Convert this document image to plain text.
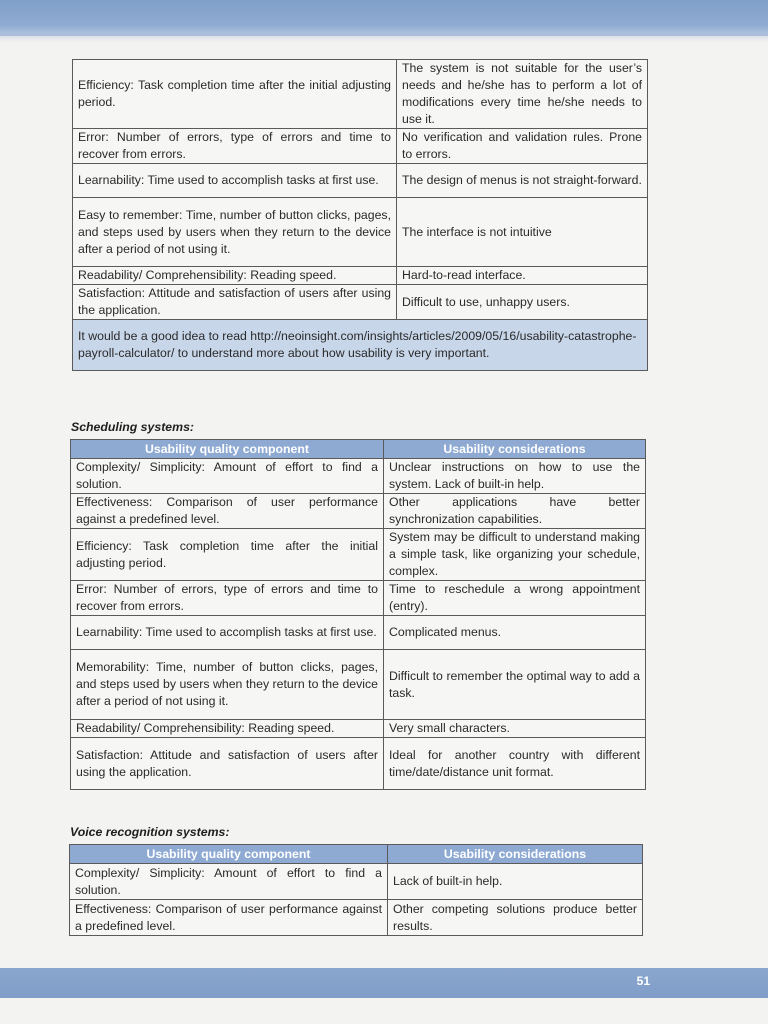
Efficiency: Task completion time after the initial adjusting period.	The system is not suitable for the user’s needs and he/she has to perform a lot of modifications every time he/she needs to use it.
Error: Number of errors, type of errors and time to recover from errors.	No verification and validation rules. Prone to errors.
Learnability: Time used to accomplish tasks at first use.	The design of menus is not straight-forward.
Easy to remember: Time, number of button clicks, pages, and steps used by users when they return to the device after a period of not using it.	The interface is not intuitive
Readability/ Comprehensibility: Reading speed.	Hard-to-read interface.
Satisfaction: Attitude and satisfaction of users after using the application.	Difficult to use, unhappy users.
It would be a good idea to read http://neoinsight.com/insights/articles/2009/05/16/usability-catastrophe-payroll-calculator/ to understand more about how usability is very important.	
Scheduling systems:
Usability quality component	Usability considerations
Complexity/ Simplicity: Amount of effort to find a solution.	Unclear instructions on how to use the system. Lack of built-in help.
Effectiveness: Comparison of user performance against a predefined level.	Other applications have better synchronization capabilities.
Efficiency: Task completion time after the initial adjusting period.	System may be difficult to understand making a simple task, like organizing your schedule, complex.
Error: Number of errors, type of errors and time to recover from errors.	Time to reschedule a wrong appointment (entry).
Learnability: Time used to accomplish tasks at first use.	Complicated menus.
Memorability: Time, number of button clicks, pages, and steps used by users when they return to the device after a period of not using it.	Difficult to remember the optimal way to add a task.
Readability/ Comprehensibility: Reading speed.	Very small characters.
Satisfaction: Attitude and satisfaction of users after using the application.	Ideal for another country with different time/date/distance unit format.
Voice recognition systems:
Usability quality component	Usability considerations
Complexity/ Simplicity: Amount of effort to find a solution.	Lack of built-in help.
Effectiveness: Comparison of user performance against a predefined level.	Other competing solutions produce better results.
51
